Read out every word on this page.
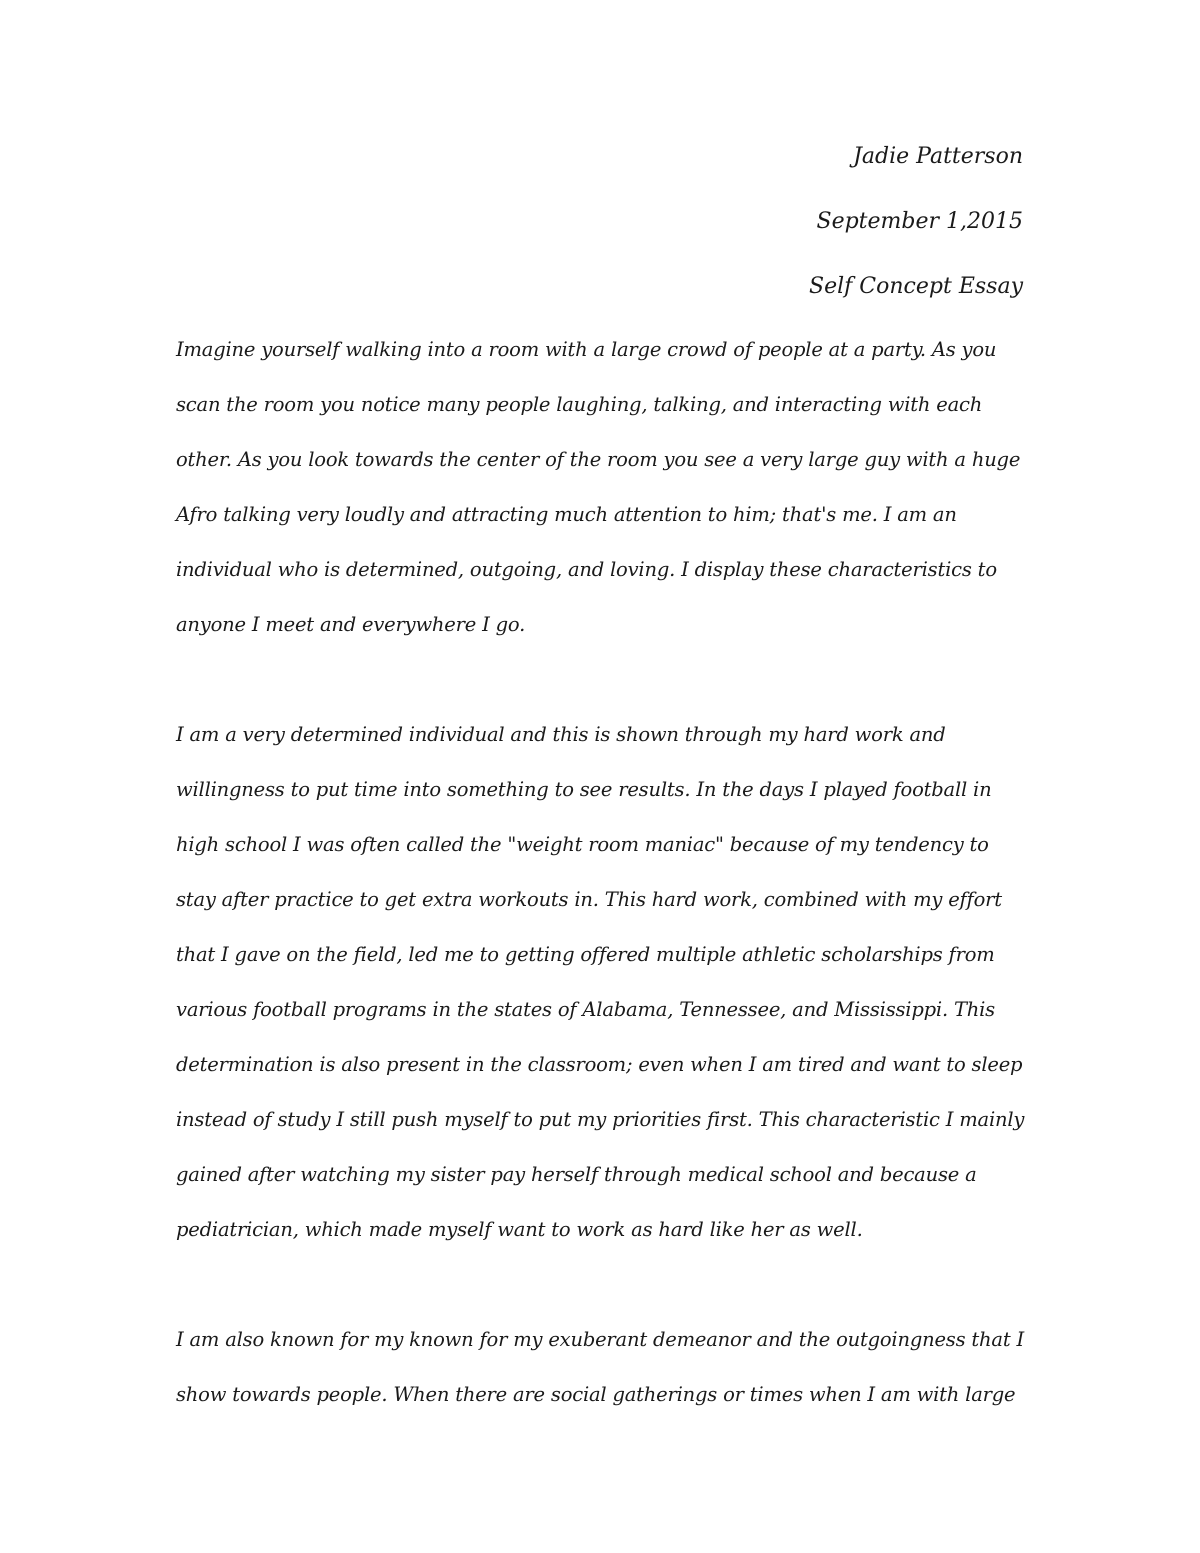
Jadie Patterson
September 1,2015
Self Concept Essay
Imagine yourself walking into a room with a large crowd of people at a party. As you
scan the room you notice many people laughing, talking, and interacting with each
other. As you look towards the center of the room you see a very large guy with a huge
Afro talking very loudly and attracting much attention to him; that's me. I am an
individual who is determined, outgoing, and loving. I display these characteristics to
anyone I meet and everywhere I go.
I am a very determined individual and this is shown through my hard work and
willingness to put time into something to see results. In the days I played football in
high school I was often called the "weight room maniac" because of my tendency to
stay after practice to get extra workouts in. This hard work, combined with my effort
that I gave on the field, led me to getting offered multiple athletic scholarships from
various football programs in the states of Alabama, Tennessee, and Mississippi. This
determination is also present in the classroom; even when I am tired and want to sleep
instead of study I still push myself to put my priorities first. This characteristic I mainly
gained after watching my sister pay herself through medical school and because a
pediatrician, which made myself want to work as hard like her as well.
I am also known for my known for my exuberant demeanor and the outgoingness that I
show towards people. When there are social gatherings or times when I am with large
